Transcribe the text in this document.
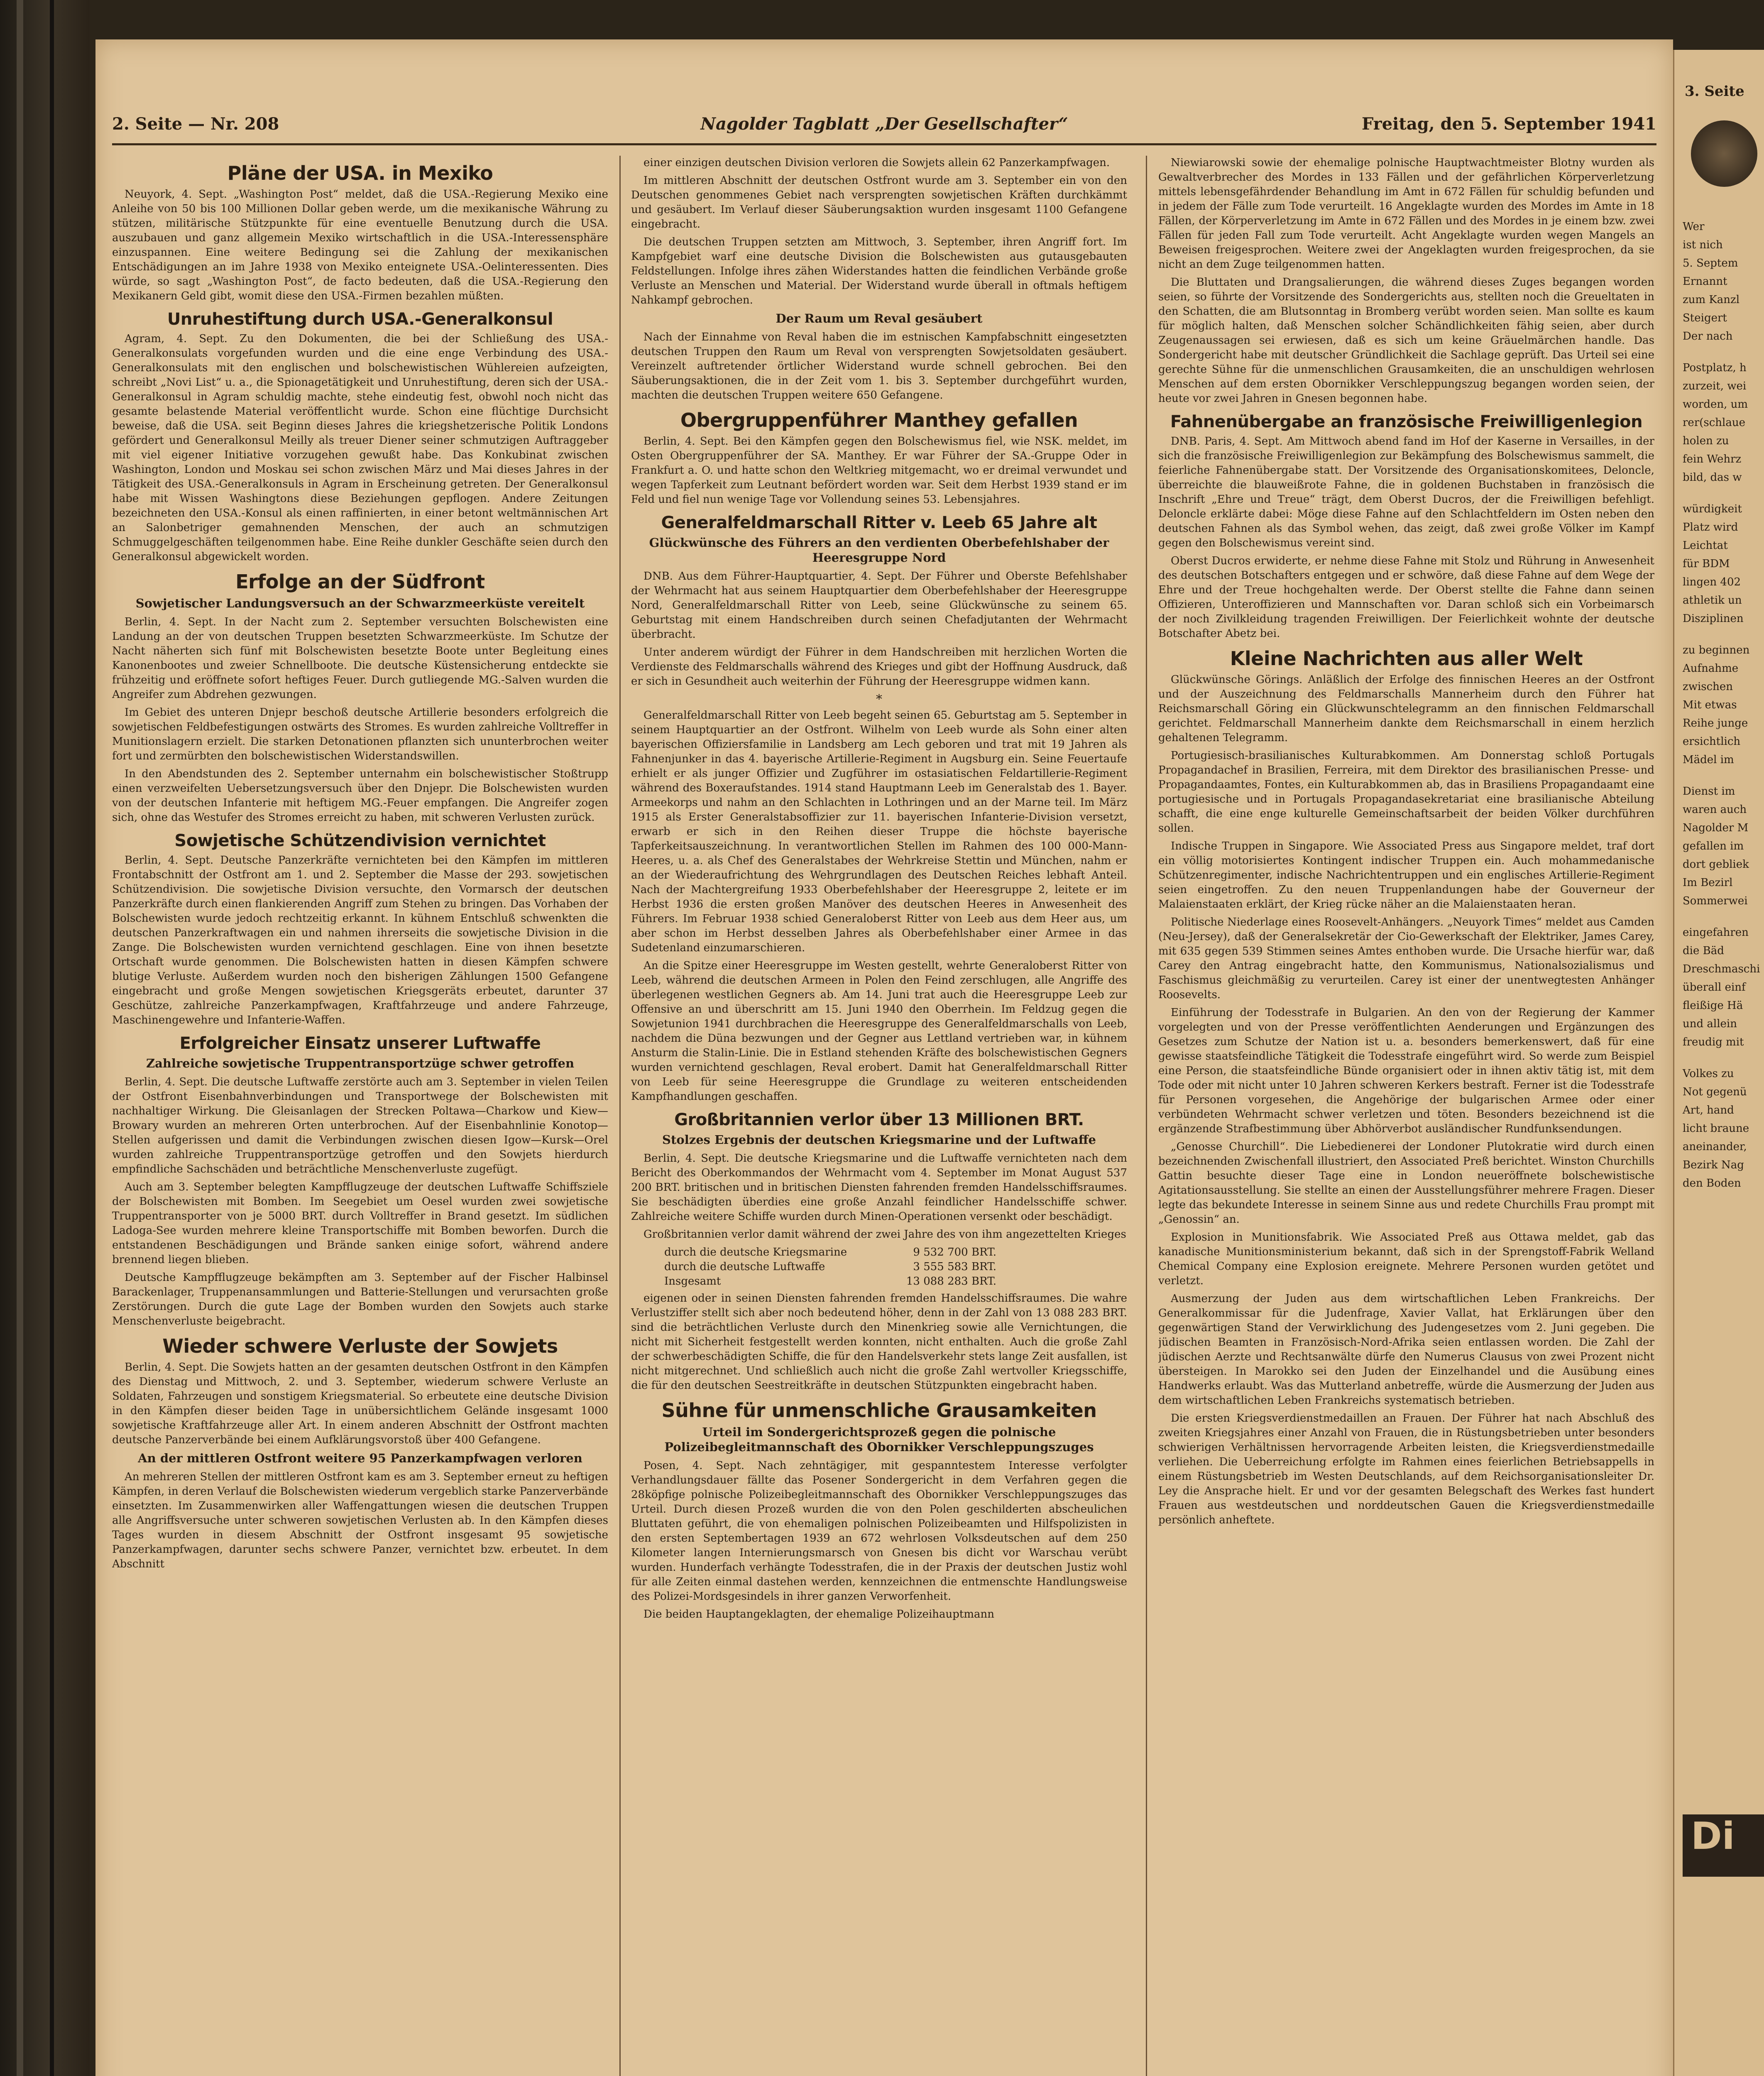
2. Seite — Nr. 208	Nagolder Tagblatt „Der Gesellschafter“	Freitag, den 5. September 1941
Pläne der USA. in Mexiko
Neuyork, 4. Sept. „Washington Post“ meldet, daß die USA.-Regierung Mexiko eine Anleihe von 50 bis 100 Millionen Dollar geben werde, um die mexikanische Währung zu stützen, militärische Stützpunkte für eine eventuelle Benutzung durch die USA. auszubauen und ganz allgemein Mexiko wirtschaftlich in die USA.-Interessensphäre einzuspannen. Eine weitere Bedingung sei die Zahlung der mexikanischen Entschädigungen an im Jahre 1938 von Mexiko enteignete USA.-Oelinteressenten. Dies würde, so sagt „Washington Post“, de facto bedeuten, daß die USA.-Regierung den Mexikanern Geld gibt, womit diese den USA.-Firmen bezahlen müßten.
Unruhestiftung durch USA.-Generalkonsul
Agram, 4. Sept. Zu den Dokumenten, die bei der Schließung des USA.-Generalkonsulats vorgefunden wurden und die eine enge Verbindung des USA.-Generalkonsulats mit den englischen und bolschewistischen Wühlereien aufzeigten, schreibt „Novi List“ u. a., die Spionagetätigkeit und Unruhestiftung, deren sich der USA.-Generalkonsul in Agram schuldig machte, stehe eindeutig fest, obwohl noch nicht das gesamte belastende Material veröffentlicht wurde. Schon eine flüchtige Durchsicht beweise, daß die USA. seit Beginn dieses Jahres die kriegshetzerische Politik Londons gefördert und Generalkonsul Meilly als treuer Diener seiner schmutzigen Auftraggeber mit viel eigener Initiative vorzugehen gewußt habe. Das Konkubinat zwischen Washington, London und Moskau sei schon zwischen März und Mai dieses Jahres in der Tätigkeit des USA.-Generalkonsuls in Agram in Erscheinung getreten. Der Generalkonsul habe mit Wissen Washingtons diese Beziehungen gepflogen. Andere Zeitungen bezeichneten den USA.-Konsul als einen raffinierten, in einer betont weltmännischen Art an Salonbetriger gemahnenden Menschen, der auch an schmutzigen Schmuggelgeschäften teilgenommen habe. Eine Reihe dunkler Geschäfte seien durch den Generalkonsul abgewickelt worden.
Erfolge an der Südfront
Sowjetischer Landungsversuch an der Schwarzmeerküste vereitelt
Berlin, 4. Sept. In der Nacht zum 2. September versuchten Bolschewisten eine Landung an der von deutschen Truppen besetzten Schwarzmeerküste. Im Schutze der Nacht näherten sich fünf mit Bolschewisten besetzte Boote unter Begleitung eines Kanonenbootes und zweier Schnellboote. Die deutsche Küstensicherung entdeckte sie frühzeitig und eröffnete sofort heftiges Feuer. Durch gutliegende MG.-Salven wurden die Angreifer zum Abdrehen gezwungen.
Im Gebiet des unteren Dnjepr beschoß deutsche Artillerie besonders erfolgreich die sowjetischen Feldbefestigungen ostwärts des Stromes. Es wurden zahlreiche Volltreffer in Munitionslagern erzielt. Die starken Detonationen pflanzten sich ununterbrochen weiter fort und zermürbten den bolschewistischen Widerstandswillen.
In den Abendstunden des 2. September unternahm ein bolschewistischer Stoßtrupp einen verzweifelten Uebersetzungsversuch über den Dnjepr. Die Bolschewisten wurden von der deutschen Infanterie mit heftigem MG.-Feuer empfangen. Die Angreifer zogen sich, ohne das Westufer des Stromes erreicht zu haben, mit schweren Verlusten zurück.
Sowjetische Schützendivision vernichtet
Berlin, 4. Sept. Deutsche Panzerkräfte vernichteten bei den Kämpfen im mittleren Frontabschnitt der Ostfront am 1. und 2. September die Masse der 293. sowjetischen Schützendivision. Die sowjetische Division versuchte, den Vormarsch der deutschen Panzerkräfte durch einen flankierenden Angriff zum Stehen zu bringen. Das Vorhaben der Bolschewisten wurde jedoch rechtzeitig erkannt. In kühnem Entschluß schwenkten die deutschen Panzerkraftwagen ein und nahmen ihrerseits die sowjetische Division in die Zange. Die Bolschewisten wurden vernichtend geschlagen. Eine von ihnen besetzte Ortschaft wurde genommen. Die Bolschewisten hatten in diesen Kämpfen schwere blutige Verluste. Außerdem wurden noch den bisherigen Zählungen 1500 Gefangene eingebracht und große Mengen sowjetischen Kriegsgeräts erbeutet, darunter 37 Geschütze, zahlreiche Panzerkampfwagen, Kraftfahrzeuge und andere Fahrzeuge, Maschinengewehre und Infanterie-Waffen.
Erfolgreicher Einsatz unserer Luftwaffe
Zahlreiche sowjetische Truppentransportzüge schwer getroffen
Berlin, 4. Sept. Die deutsche Luftwaffe zerstörte auch am 3. September in vielen Teilen der Ostfront Eisenbahnverbindungen und Transportwege der Bolschewisten mit nachhaltiger Wirkung. Die Gleisanlagen der Strecken Poltawa—Charkow und Kiew—Browary wurden an mehreren Orten unterbrochen. Auf der Eisenbahnlinie Konotop—Stellen aufgerissen und damit die Verbindungen zwischen diesen Igow—Kursk—Orel wurden zahlreiche Truppentransportzüge getroffen und den Sowjets hierdurch empfindliche Sachschäden und beträchtliche Menschenverluste zugefügt.
Auch am 3. September belegten Kampfflugzeuge der deutschen Luftwaffe Schiffsziele der Bolschewisten mit Bomben. Im Seegebiet um Oesel wurden zwei sowjetische Truppentransporter von je 5000 BRT. durch Volltreffer in Brand gesetzt. Im südlichen Ladoga-See wurden mehrere kleine Transportschiffe mit Bomben beworfen. Durch die entstandenen Beschädigungen und Brände sanken einige sofort, während andere brennend liegen blieben.
Deutsche Kampfflugzeuge bekämpften am 3. September auf der Fischer Halbinsel Barackenlager, Truppenansammlungen und Batterie-Stellungen und verursachten große Zerstörungen. Durch die gute Lage der Bomben wurden den Sowjets auch starke Menschenverluste beigebracht.
Wieder schwere Verluste der Sowjets
Berlin, 4. Sept. Die Sowjets hatten an der gesamten deutschen Ostfront in den Kämpfen des Dienstag und Mittwoch, 2. und 3. September, wiederum schwere Verluste an Soldaten, Fahrzeugen und sonstigem Kriegsmaterial. So erbeutete eine deutsche Division in den Kämpfen dieser beiden Tage in unübersichtlichem Gelände insgesamt 1000 sowjetische Kraftfahrzeuge aller Art. In einem anderen Abschnitt der Ostfront machten deutsche Panzerverbände bei einem Aufklärungsvorstoß über 400 Gefangene.
An der mittleren Ostfront weitere 95 Panzerkampfwagen verloren
An mehreren Stellen der mittleren Ostfront kam es am 3. September erneut zu heftigen Kämpfen, in deren Verlauf die Bolschewisten wiederum vergeblich starke Panzerverbände einsetzten. Im Zusammenwirken aller Waffengattungen wiesen die deutschen Truppen alle Angriffsversuche unter schweren sowjetischen Verlusten ab. In den Kämpfen dieses Tages wurden in diesem Abschnitt der Ostfront insgesamt 95 sowjetische Panzerkampfwagen, darunter sechs schwere Panzer, vernichtet bzw. erbeutet. In dem Abschnitt
einer einzigen deutschen Division verloren die Sowjets allein 62 Panzerkampfwagen.
Im mittleren Abschnitt der deutschen Ostfront wurde am 3. September ein von den Deutschen genommenes Gebiet nach versprengten sowjetischen Kräften durchkämmt und gesäubert. Im Verlauf dieser Säuberungsaktion wurden insgesamt 1100 Gefangene eingebracht.
Die deutschen Truppen setzten am Mittwoch, 3. September, ihren Angriff fort. Im Kampfgebiet warf eine deutsche Division die Bolschewisten aus gutausgebauten Feldstellungen. Infolge ihres zähen Widerstandes hatten die feindlichen Verbände große Verluste an Menschen und Material. Der Widerstand wurde überall in oftmals heftigem Nahkampf gebrochen.
Der Raum um Reval gesäubert
Nach der Einnahme von Reval haben die im estnischen Kampfabschnitt eingesetzten deutschen Truppen den Raum um Reval von versprengten Sowjetsoldaten gesäubert. Vereinzelt auftretender örtlicher Widerstand wurde schnell gebrochen. Bei den Säuberungsaktionen, die in der Zeit vom 1. bis 3. September durchgeführt wurden, machten die deutschen Truppen weitere 650 Gefangene.
Obergruppenführer Manthey gefallen
Berlin, 4. Sept. Bei den Kämpfen gegen den Bolschewismus fiel, wie NSK. meldet, im Osten Obergruppenführer der SA. Manthey. Er war Führer der SA.-Gruppe Oder in Frankfurt a. O. und hatte schon den Weltkrieg mitgemacht, wo er dreimal verwundet und wegen Tapferkeit zum Leutnant befördert worden war. Seit dem Herbst 1939 stand er im Feld und fiel nun wenige Tage vor Vollendung seines 53. Lebensjahres.
Generalfeldmarschall Ritter v. Leeb 65 Jahre alt
Glückwünsche des Führers an den verdienten Oberbefehlshaber der Heeresgruppe Nord
DNB. Aus dem Führer-Hauptquartier, 4. Sept. Der Führer und Oberste Befehlshaber der Wehrmacht hat aus seinem Hauptquartier dem Oberbefehlshaber der Heeresgruppe Nord, Generalfeldmarschall Ritter von Leeb, seine Glückwünsche zu seinem 65. Geburtstag mit einem Handschreiben durch seinen Chefadjutanten der Wehrmacht überbracht.
Unter anderem würdigt der Führer in dem Handschreiben mit herzlichen Worten die Verdienste des Feldmarschalls während des Krieges und gibt der Hoffnung Ausdruck, daß er sich in Gesundheit auch weiterhin der Führung der Heeresgruppe widmen kann.
*
Generalfeldmarschall Ritter von Leeb begeht seinen 65. Geburtstag am 5. September in seinem Hauptquartier an der Ostfront. Wilhelm von Leeb wurde als Sohn einer alten bayerischen Offiziersfamilie in Landsberg am Lech geboren und trat mit 19 Jahren als Fahnenjunker in das 4. bayerische Artillerie-Regiment in Augsburg ein. Seine Feuertaufe erhielt er als junger Offizier und Zugführer im ostasiatischen Feldartillerie-Regiment während des Boxeraufstandes. 1914 stand Hauptmann Leeb im Generalstab des 1. Bayer. Armeekorps und nahm an den Schlachten in Lothringen und an der Marne teil. Im März 1915 als Erster Generalstabsoffizier zur 11. bayerischen Infanterie-Division versetzt, erwarb er sich in den Reihen dieser Truppe die höchste bayerische Tapferkeitsauszeichnung. In verantwortlichen Stellen im Rahmen des 100 000-Mann-Heeres, u. a. als Chef des Generalstabes der Wehrkreise Stettin und München, nahm er an der Wiederaufrichtung des Wehrgrundlagen des Deutschen Reiches lebhaft Anteil. Nach der Machtergreifung 1933 Oberbefehlshaber der Heeresgruppe 2, leitete er im Herbst 1936 die ersten großen Manöver des deutschen Heeres in Anwesenheit des Führers. Im Februar 1938 schied Generaloberst Ritter von Leeb aus dem Heer aus, um aber schon im Herbst desselben Jahres als Oberbefehlshaber einer Armee in das Sudetenland einzumarschieren.
An die Spitze einer Heeresgruppe im Westen gestellt, wehrte Generaloberst Ritter von Leeb, während die deutschen Armeen in Polen den Feind zerschlugen, alle Angriffe des überlegenen westlichen Gegners ab. Am 14. Juni trat auch die Heeresgruppe Leeb zur Offensive an und überschritt am 15. Juni 1940 den Oberrhein. Im Feldzug gegen die Sowjetunion 1941 durchbrachen die Heeresgruppe des Generalfeldmarschalls von Leeb, nachdem die Düna bezwungen und der Gegner aus Lettland vertrieben war, in kühnem Ansturm die Stalin-Linie. Die in Estland stehenden Kräfte des bolschewistischen Gegners wurden vernichtend geschlagen, Reval erobert. Damit hat Generalfeldmarschall Ritter von Leeb für seine Heeresgruppe die Grundlage zu weiteren entscheidenden Kampfhandlungen geschaffen.
Großbritannien verlor über 13 Millionen BRT.
Stolzes Ergebnis der deutschen Kriegsmarine und der Luftwaffe
Berlin, 4. Sept. Die deutsche Kriegsmarine und die Luftwaffe vernichteten nach dem Bericht des Oberkommandos der Wehrmacht vom 4. September im Monat August 537 200 BRT. britischen und in britischen Diensten fahrenden fremden Handelsschiffsraumes. Sie beschädigten überdies eine große Anzahl feindlicher Handelsschiffe schwer. Zahlreiche weitere Schiffe wurden durch Minen-Operationen versenkt oder beschädigt.
Großbritannien verlor damit während der zwei Jahre des von ihm angezettelten Krieges
durch die deutsche Kriegsmarine	9 532 700 BRT.
durch die deutsche Luftwaffe	3 555 583 BRT.
Insgesamt	13 088 283 BRT.
eigenen oder in seinen Diensten fahrenden fremden Handelsschiffsraumes. Die wahre Verlustziffer stellt sich aber noch bedeutend höher, denn in der Zahl von 13 088 283 BRT. sind die beträchtlichen Verluste durch den Minenkrieg sowie alle Vernichtungen, die nicht mit Sicherheit festgestellt werden konnten, nicht enthalten. Auch die große Zahl der schwerbeschädigten Schiffe, die für den Handelsverkehr stets lange Zeit ausfallen, ist nicht mitgerechnet. Und schließlich auch nicht die große Zahl wertvoller Kriegsschiffe, die für den deutschen Seestreitkräfte in deutschen Stützpunkten eingebracht haben.
Sühne für unmenschliche Grausamkeiten
Urteil im Sondergerichtsprozeß gegen die polnische Polizeibegleitmannschaft des Obornikker Verschleppungszuges
Posen, 4. Sept. Nach zehntägiger, mit gespanntestem Interesse verfolgter Verhandlungsdauer fällte das Posener Sondergericht in dem Verfahren gegen die 28köpfige polnische Polizeibegleitmannschaft des Obornikker Verschleppungszuges das Urteil. Durch diesen Prozeß wurden die von den Polen geschilderten abscheulichen Bluttaten geführt, die von ehemaligen polnischen Polizeibeamten und Hilfspolizisten in den ersten Septembertagen 1939 an 672 wehrlosen Volksdeutschen auf dem 250 Kilometer langen Internierungsmarsch von Gnesen bis dicht vor Warschau verübt wurden. Hunderfach verhängte Todesstrafen, die in der Praxis der deutschen Justiz wohl für alle Zeiten einmal dastehen werden, kennzeichnen die entmenschte Handlungsweise des Polizei-Mordsgesindels in ihrer ganzen Verworfenheit.
Die beiden Hauptangeklagten, der ehemalige Polizeihauptmann
Niewiarowski sowie der ehemalige polnische Hauptwachtmeister Blotny wurden als Gewaltverbrecher des Mordes in 133 Fällen und der gefährlichen Körperverletzung mittels lebensgefährdender Behandlung im Amt in 672 Fällen für schuldig befunden und in jedem der Fälle zum Tode verurteilt. 16 Angeklagte wurden des Mordes im Amte in 18 Fällen, der Körperverletzung im Amte in 672 Fällen und des Mordes in je einem bzw. zwei Fällen für jeden Fall zum Tode verurteilt. Acht Angeklagte wurden wegen Mangels an Beweisen freigesprochen. Weitere zwei der Angeklagten wurden freigesprochen, da sie nicht an dem Zuge teilgenommen hatten.
Die Bluttaten und Drangsalierungen, die während dieses Zuges begangen worden seien, so führte der Vorsitzende des Sondergerichts aus, stellten noch die Greueltaten in den Schatten, die am Blutsonntag in Bromberg verübt worden seien. Man sollte es kaum für möglich halten, daß Menschen solcher Schändlichkeiten fähig seien, aber durch Zeugenaussagen sei erwiesen, daß es sich um keine Gräuelmärchen handle. Das Sondergericht habe mit deutscher Gründlichkeit die Sachlage geprüft. Das Urteil sei eine gerechte Sühne für die unmenschlichen Grausamkeiten, die an unschuldigen wehrlosen Menschen auf dem ersten Obornikker Verschleppungszug begangen worden seien, der heute vor zwei Jahren in Gnesen begonnen habe.
Fahnenübergabe an französische Freiwilligenlegion
DNB. Paris, 4. Sept. Am Mittwoch abend fand im Hof der Kaserne in Versailles, in der sich die französische Freiwilligenlegion zur Bekämpfung des Bolschewismus sammelt, die feierliche Fahnenübergabe statt. Der Vorsitzende des Organisationskomitees, Deloncle, überreichte die blauweißrote Fahne, die in goldenen Buchstaben in französisch die Inschrift „Ehre und Treue“ trägt, dem Oberst Ducros, der die Freiwilligen befehligt. Deloncle erklärte dabei: Möge diese Fahne auf den Schlachtfeldern im Osten neben den deutschen Fahnen als das Symbol wehen, das zeigt, daß zwei große Völker im Kampf gegen den Bolschewismus vereint sind.
Oberst Ducros erwiderte, er nehme diese Fahne mit Stolz und Rührung in Anwesenheit des deutschen Botschafters entgegen und er schwöre, daß diese Fahne auf dem Wege der Ehre und der Treue hochgehalten werde. Der Oberst stellte die Fahne dann seinen Offizieren, Unteroffizieren und Mannschaften vor. Daran schloß sich ein Vorbeimarsch der noch Zivilkleidung tragenden Freiwilligen. Der Feierlichkeit wohnte der deutsche Botschafter Abetz bei.
Kleine Nachrichten aus aller Welt
Glückwünsche Görings. Anläßlich der Erfolge des finnischen Heeres an der Ostfront und der Auszeichnung des Feldmarschalls Mannerheim durch den Führer hat Reichsmarschall Göring ein Glückwunschtelegramm an den finnischen Feldmarschall gerichtet. Feldmarschall Mannerheim dankte dem Reichsmarschall in einem herzlich gehaltenen Telegramm.
Portugiesisch-brasilianisches Kulturabkommen. Am Donnerstag schloß Portugals Propagandachef in Brasilien, Ferreira, mit dem Direktor des brasilianischen Presse- und Propagandaamtes, Fontes, ein Kulturabkommen ab, das in Brasiliens Propagandaamt eine portugiesische und in Portugals Propagandasekretariat eine brasilianische Abteilung schafft, die eine enge kulturelle Gemeinschaftsarbeit der beiden Völker durchführen sollen.
Indische Truppen in Singapore. Wie Associated Press aus Singapore meldet, traf dort ein völlig motorisiertes Kontingent indischer Truppen ein. Auch mohammedanische Schützenregimenter, indische Nachrichtentruppen und ein englisches Artillerie-Regiment seien eingetroffen. Zu den neuen Truppenlandungen habe der Gouverneur der Malaienstaaten erklärt, der Krieg rücke näher an die Malaienstaaten heran.
Politische Niederlage eines Roosevelt-Anhängers. „Neuyork Times“ meldet aus Camden (Neu-Jersey), daß der Generalsekretär der Cio-Gewerkschaft der Elektriker, James Carey, mit 635 gegen 539 Stimmen seines Amtes enthoben wurde. Die Ursache hierfür war, daß Carey den Antrag eingebracht hatte, den Kommunismus, Nationalsozialismus und Faschismus gleichmäßig zu verurteilen. Carey ist einer der unentwegtesten Anhänger Roosevelts.
Einführung der Todesstrafe in Bulgarien. An den von der Regierung der Kammer vorgelegten und von der Presse veröffentlichten Aenderungen und Ergänzungen des Gesetzes zum Schutze der Nation ist u. a. besonders bemerkenswert, daß für eine gewisse staatsfeindliche Tätigkeit die Todesstrafe eingeführt wird. So werde zum Beispiel eine Person, die staatsfeindliche Bünde organisiert oder in ihnen aktiv tätig ist, mit dem Tode oder mit nicht unter 10 Jahren schweren Kerkers bestraft. Ferner ist die Todesstrafe für Personen vorgesehen, die Angehörige der bulgarischen Armee oder einer verbündeten Wehrmacht schwer verletzen und töten. Besonders bezeichnend ist die ergänzende Strafbestimmung über Abhörverbot ausländischer Rundfunksendungen.
„Genosse Churchill“. Die Liebedienerei der Londoner Plutokratie wird durch einen bezeichnenden Zwischenfall illustriert, den Associated Preß berichtet. Winston Churchills Gattin besuchte dieser Tage eine in London neueröffnete bolschewistische Agitationsausstellung. Sie stellte an einen der Ausstellungsführer mehrere Fragen. Dieser legte das bekundete Interesse in seinem Sinne aus und redete Churchills Frau prompt mit „Genossin“ an.
Explosion in Munitionsfabrik. Wie Associated Preß aus Ottawa meldet, gab das kanadische Munitionsministerium bekannt, daß sich in der Sprengstoff-Fabrik Welland Chemical Company eine Explosion ereignete. Mehrere Personen wurden getötet und verletzt.
Ausmerzung der Juden aus dem wirtschaftlichen Leben Frankreichs. Der Generalkommissar für die Judenfrage, Xavier Vallat, hat Erklärungen über den gegenwärtigen Stand der Verwirklichung des Judengesetzes vom 2. Juni gegeben. Die jüdischen Beamten in Französisch-Nord-Afrika seien entlassen worden. Die Zahl der jüdischen Aerzte und Rechtsanwälte dürfe den Numerus Clausus von zwei Prozent nicht übersteigen. In Marokko sei den Juden der Einzelhandel und die Ausübung eines Handwerks erlaubt. Was das Mutterland anbetreffe, würde die Ausmerzung der Juden aus dem wirtschaftlichen Leben Frankreichs systematisch betrieben.
Die ersten Kriegsverdienstmedaillen an Frauen. Der Führer hat nach Abschluß des zweiten Kriegsjahres einer Anzahl von Frauen, die in Rüstungsbetrieben unter besonders schwierigen Verhältnissen hervorragende Arbeiten leisten, die Kriegsverdienstmedaille verliehen. Die Ueberreichung erfolgte im Rahmen eines feierlichen Betriebsappells in einem Rüstungsbetrieb im Westen Deutschlands, auf dem Reichsorganisationsleiter Dr. Ley die Ansprache hielt. Er und vor der gesamten Belegschaft des Werkes fast hundert Frauen aus westdeutschen und norddeutschen Gauen die Kriegsverdienstmedaille persönlich anheftete.
3. Seite
Wer
ist nich
5. Septem
Ernannt
zum Kanzl
Steigert
Der nach
Postplatz, h
zurzeit, wei
worden, um
rer(schlaue
holen zu
fein Wehrz
bild, das w
würdigkeit
Platz wird
Leichtat
für BDM
lingen 402
athletik un
Disziplinen
zu beginnen
Aufnahme
zwischen
Mit etwas
Reihe junge
ersichtlich
Mädel im
Dienst im
waren auch
Nagolder M
gefallen im
dort gebliek
Im Bezirl
Sommerwei
eingefahren
die Bäd
Dreschmaschi
überall einf
fleißige Hä
und allein
freudig mit
Volkes zu
Not gegenü
Art, hand
licht braune
aneinander,
Bezirk Nag
den Boden
Di
